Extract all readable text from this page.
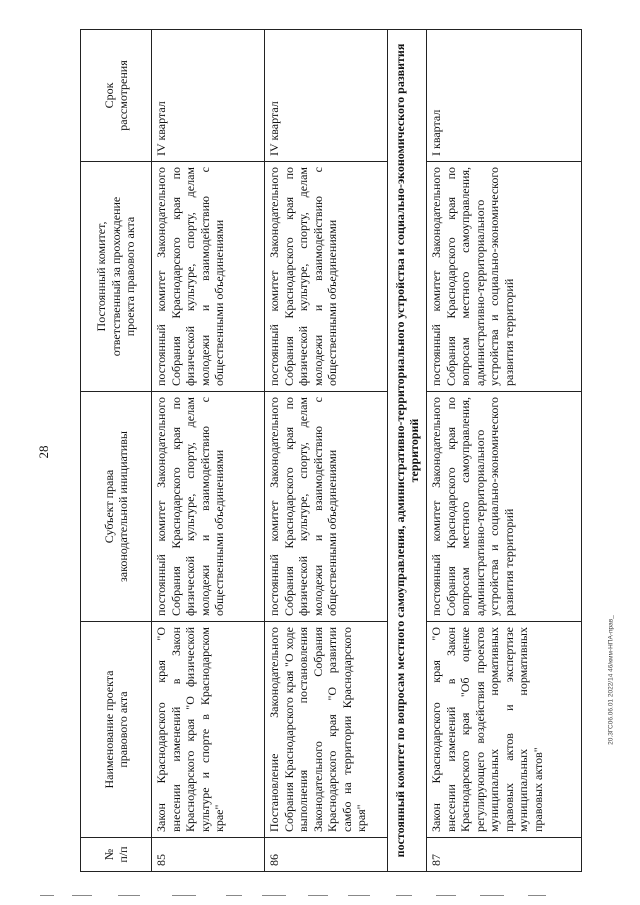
28
20.3ГС06.06.01 2022/14 46/кмм-НПА-прав_
№
п/п	Наименование проекта
правового акта	Субъект права
законодательной инициативы	Постоянный комитет,
ответственный за прохождение
проекта правового акта	Срок
рассмотрения
85	Закон Краснодарского края "О внесении изменений в Закон Краснодарского края "О физической культуре и спорте в Краснодарском крае"	постоянный комитет Законодательного Собрания Краснодарского края по физической культуре, спорту, делам молодежи и взаимодействию с общественными объединениями	постоянный комитет Законодательного Собрания Краснодарского края по физической культуре, спорту, делам молодежи и взаимодействию с общественными объединениями	IV квартал
86	Постановление Законодательного Собрания Краснодарского края "О ходе выполнения постановления Законодательного Собрания Краснодарского края "О развитии самбо на территории Краснодарского края"	постоянный комитет Законодательного Собрания Краснодарского края по физической культуре, спорту, делам молодежи и взаимодействию с общественными объединениями	постоянный комитет Законодательного Собрания Краснодарского края по физической культуре, спорту, делам молодежи и взаимодействию с общественными объединениями	IV квартал
постоянный комитет по вопросам местного самоуправления, административно-территориального устройства и социально-экономического развития территорий				
87	Закон Краснодарского края "О внесении изменений в Закон Краснодарского края "Об оценке регулирующего воздействия проектов муниципальных нормативных правовых актов и экспертизе муниципальных нормативных правовых актов"	постоянный комитет Законодательного Собрания Краснодарского края по вопросам местного самоуправления, административно-территориального устройства и социально-экономического развития территорий	постоянный комитет Законодательного Собрания Краснодарского края по вопросам местного самоуправления, административно-территориального устройства и социально-экономического развития территорий	I квартал
